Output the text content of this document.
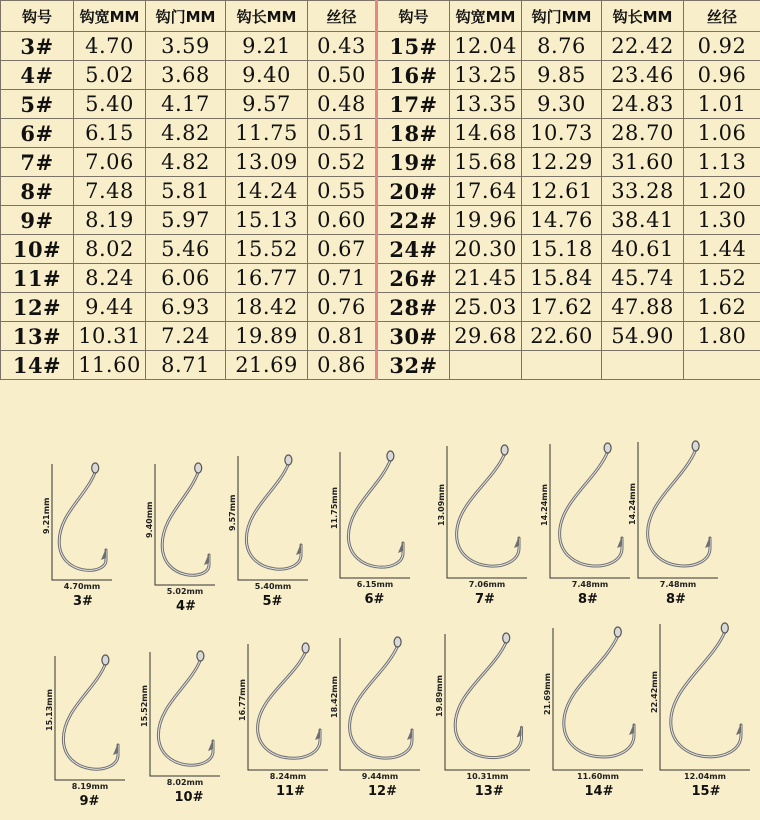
钩号	钩宽MM	钩门MM	钩长MM	丝径	钩号	钩宽MM	钩门MM	钩长MM	丝径
3#	4.70	3.59	9.21	0.43	15#	12.04	8.76	22.42	0.92
4#	5.02	3.68	9.40	0.50	16#	13.25	9.85	23.46	0.96
5#	5.40	4.17	9.57	0.48	17#	13.35	9.30	24.83	1.01
6#	6.15	4.82	11.75	0.51	18#	14.68	10.73	28.70	1.06
7#	7.06	4.82	13.09	0.52	19#	15.68	12.29	31.60	1.13
8#	7.48	5.81	14.24	0.55	20#	17.64	12.61	33.28	1.20
9#	8.19	5.97	15.13	0.60	22#	19.96	14.76	38.41	1.30
10#	8.02	5.46	15.52	0.67	24#	20.30	15.18	40.61	1.44
11#	8.24	6.06	16.77	0.71	26#	21.45	15.84	45.74	1.52
12#	9.44	6.93	18.42	0.76	28#	25.03	17.62	47.88	1.62
13#	10.31	7.24	19.89	0.81	30#	29.68	22.60	54.90	1.80
14#	11.60	8.71	21.69	0.86	32#				
9.21mm
4.70mm
3#
9.40mm
5.02mm
4#
9.57mm
5.40mm
5#
11.75mm
6.15mm
6#
13.09mm
7.06mm
7#
14.24mm
7.48mm
8#
14.24mm
7.48mm
8#
15.13mm
8.19mm
9#
15.52mm
8.02mm
10#
16.77mm
8.24mm
11#
18.42mm
9.44mm
12#
19.89mm
10.31mm
13#
21.69mm
11.60mm
14#
22.42mm
12.04mm
15#
